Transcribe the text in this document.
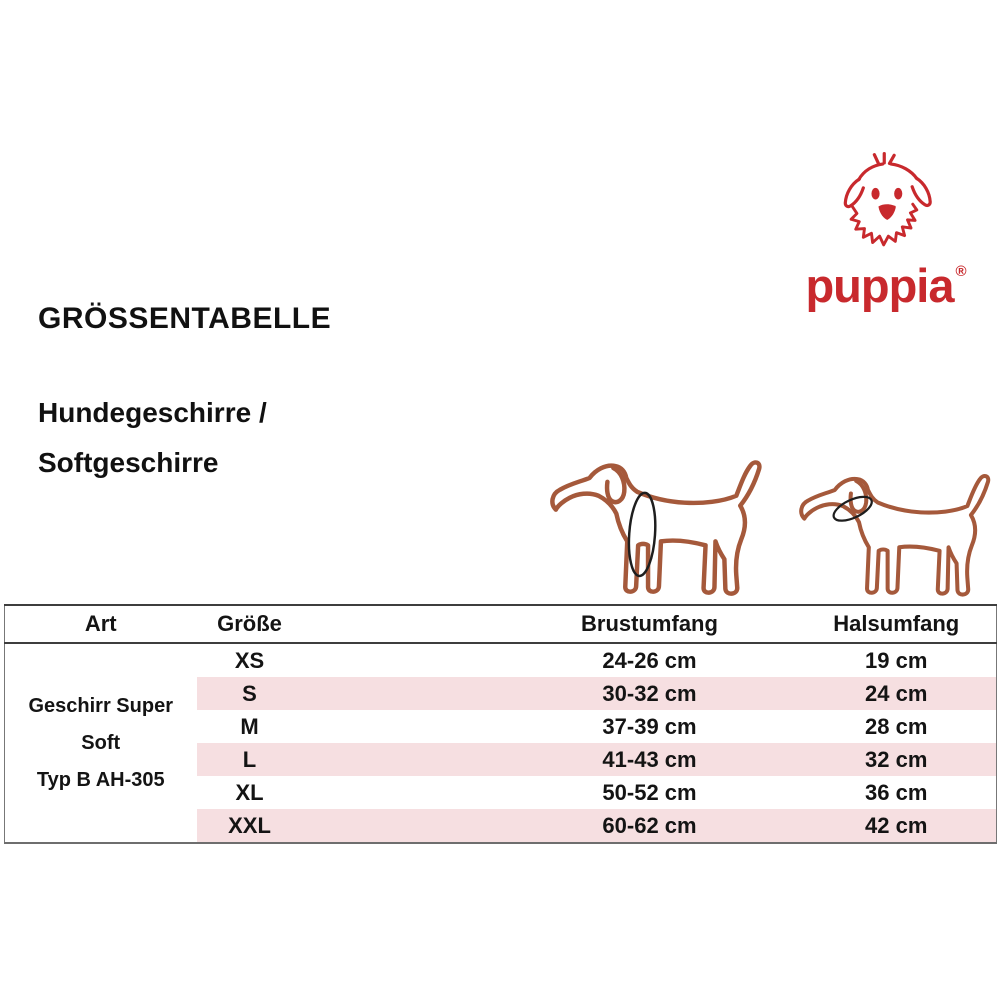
puppia ®
GRÖSSENTABELLE
Hundegeschirre /
Softgeschirre
Art	Größe	Brustumfang	Halsumfang

Geschirr Super
Soft
Typ B AH-305	XS	24-26 cm	19 cm
	S	30-32 cm	24 cm
	M	37-39 cm	28 cm
	L	41-43 cm	32 cm
	XL	50-52 cm	36 cm
	XXL	60-62 cm	42 cm
